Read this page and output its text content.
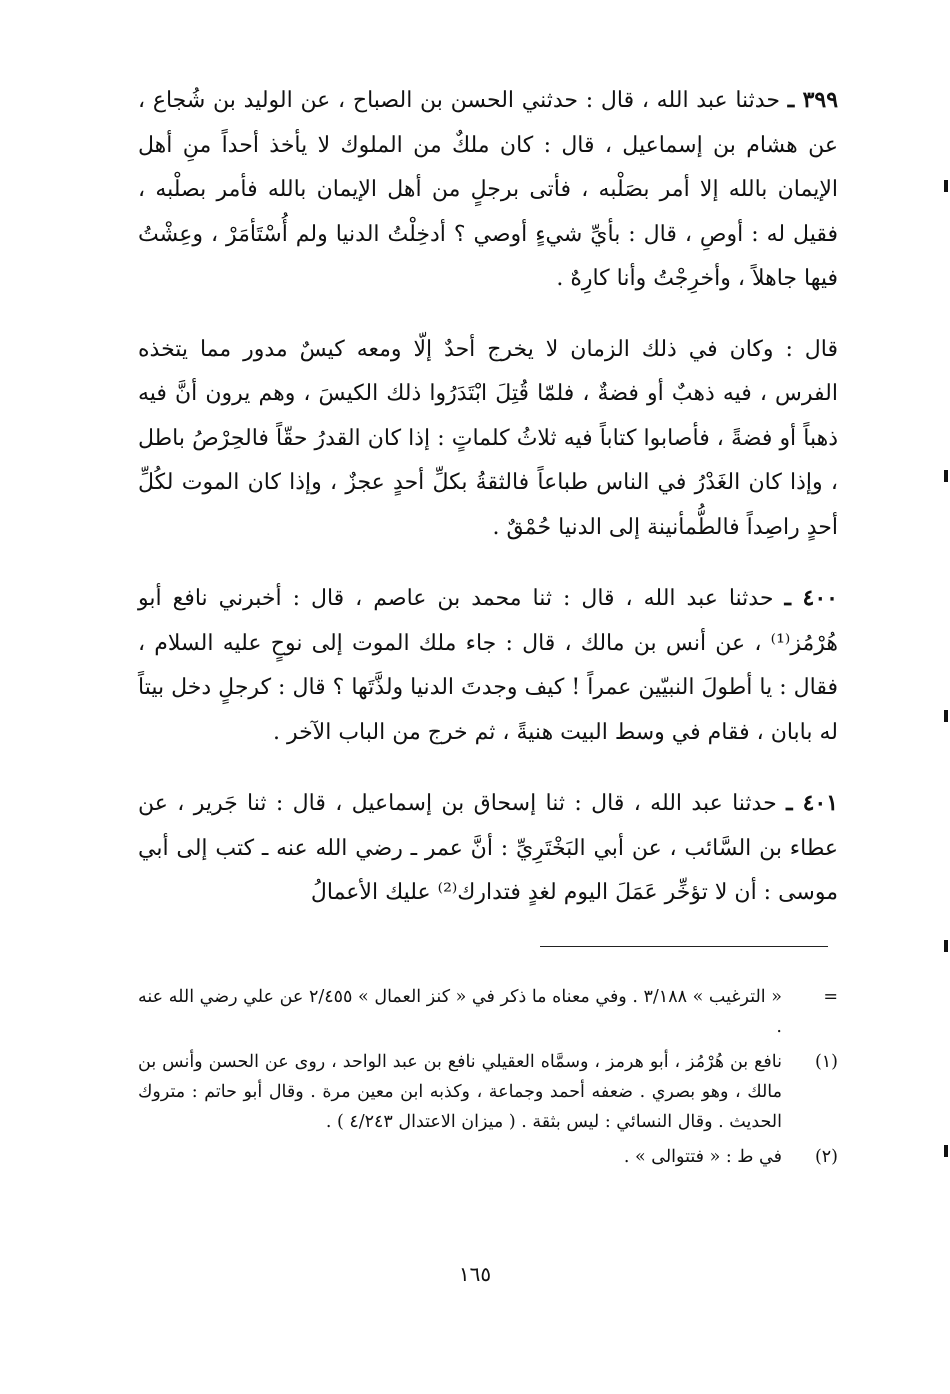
٣٩٩ ـ حدثنا عبد الله ، قال : حدثني الحسن بن الصباح ، عن الوليد بن شُجاع ، عن هشام بن إسماعيل ، قال : كان ملكٌ من الملوك لا يأخذ أحداً منِ أهل الإيمان بالله إلا أمر بصَلْبه ، فأتى برجلٍ من أهل الإيمان بالله فأمر بصلْبه ، فقيل له : أوصِ ، قال : بأيِّ شيءٍ أوصي ؟ أدخِلْتُ الدنيا ولم أُسْتَأمَرْ ، وعِشْتُ فيها جاهلاً ، وأخرِجْتُ وأنا كارِهٌ .

قال : وكان في ذلك الزمان لا يخرج أحدٌ إلّا ومعه كيسٌ مدور مما يتخذه الفرس ، فيه ذهبٌ أو فضةٌ ، فلمّا قُتِلَ ابْتَدَرُوا ذلك الكيسَ ، وهم يرون أنَّ فيه ذهباً أو فضةً ، فأصابوا كتاباً فيه ثلاثُ كلماتٍ : إذا كان القدرُ حقّاً فالحِرْصُ باطل ، وإذا كان الغَدْرُ في الناس طباعاً فالثقةُ بكلِّ أحدٍ عجزٌ ، وإذا كان الموت لكُلِّ أحدٍ راصِداً فالطُّمأنينة إلى الدنيا حُمْقٌ .

٤٠٠ ـ حدثنا عبد الله ، قال : ثنا محمد بن عاصم ، قال : أخبرني نافع أبو هُرْمُز⁽¹⁾ ، عن أنس بن مالك ، قال : جاء ملك الموت إلى نوحٍ عليه السلام ، فقال : يا أطولَ النبيّين عمراً ! كيف وجدتَ الدنيا ولذَّتَها ؟ قال : كرجلٍ دخل بيتاً له بابان ، فقام في وسط البيت هنيةً ، ثم خرج من الباب الآخر .

٤٠١ ـ حدثنا عبد الله ، قال : ثنا إسحاق بن إسماعيل ، قال : ثنا جَرير ، عن عطاء بن السَّائب ، عن أبي البَخْتَرِيِّ : أنَّ عمر ـ رضي الله عنه ـ كتب إلى أبي موسى : أن لا تؤخِّر عَمَلَ اليوم لغدٍ فتدارك⁽²⁾ عليك الأعمالُ

=
« الترغيب » ٣/١٨٨ . وفي معناه ما ذكر في « كنز العمال » ٢/٤٥٥ عن علي رضي الله عنه .
(١)
نافع بن هُرْمُز ، أبو هرمز ، وسمَّاه العقيلي نافع بن عبد الواحد ، روى عن الحسن وأنس بن مالك ، وهو بصري . ضعفه أحمد وجماعة ، وكذبه ابن معين مرة . وقال أبو حاتم : متروك الحديث . وقال النسائي : ليس بثقة . ( ميزان الاعتدال ٤/٢٤٣ ) .
(٢)
في ط : « فتتوالى » .
١٦٥
